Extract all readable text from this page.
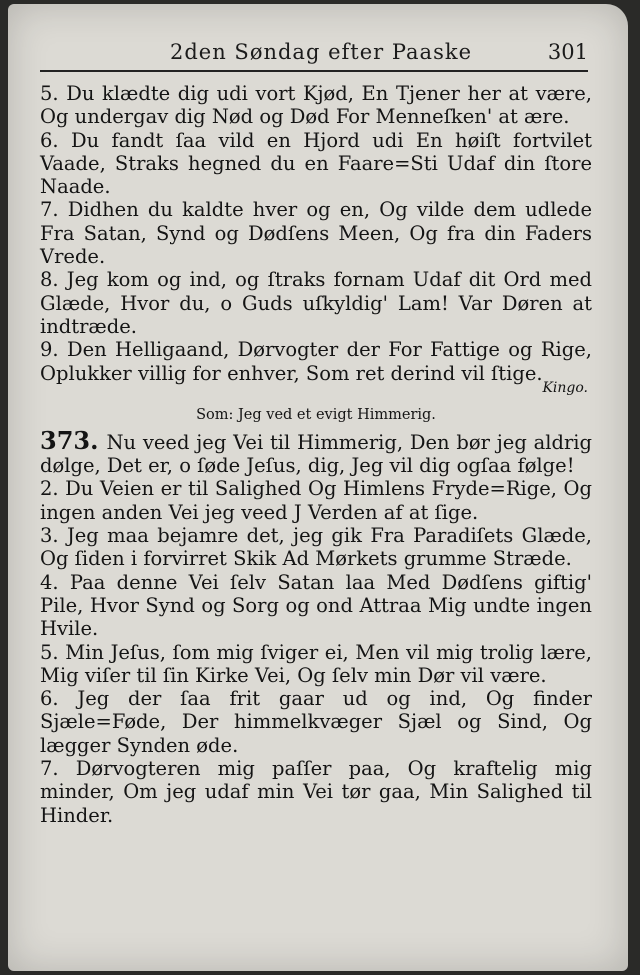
2den Søndag efter Paaske	301

5. Du klædte dig udi vort Kjød, En Tjener her at være, Og undergav dig Nød og Død For Menneſken' at ære.

6. Du fandt ſaa vild en Hjord udi En høiſt fortvilet Vaade, Straks hegned du en Faare=Sti Udaf din ſtore Naade.

7. Didhen du kaldte hver og en, Og vilde dem udlede Fra Satan, Synd og Dødſens Meen, Og fra din Faders Vrede.

8. Jeg kom og ind, og ſtraks fornam Udaf dit Ord med Glæde, Hvor du, o Guds uſkyldig' Lam! Var Døren at indtræde.

9. Den Helligaand, Dørvogter der For Fattige og Rige, Oplukker villig for enhver, Som ret derind vil ſtige.

Kingo.
Som: Jeg ved et evigt Himmerig.

373. Nu veed jeg Vei til Himmerig, Den bør jeg aldrig dølge, Det er, o ſøde Jeſus, dig, Jeg vil dig ogſaa følge!

2. Du Veien er til Salighed Og Himlens Fryde=Rige, Og ingen anden Vei jeg veed J Verden af at ſige.

3. Jeg maa bejamre det, jeg gik Fra Paradiſets Glæde, Og ſiden i forvirret Skik Ad Mørkets grumme Stræde.

4. Paa denne Vei ſelv Satan laa Med Dødſens giftig' Pile, Hvor Synd og Sorg og ond Attraa Mig undte ingen Hvile.

5. Min Jeſus, ſom mig ſviger ei, Men vil mig trolig lære, Mig viſer til ſin Kirke Vei, Og ſelv min Dør vil være.

6. Jeg der ſaa frit gaar ud og ind, Og finder Sjæle=Føde, Der himmelkvæger Sjæl og Sind, Og lægger Synden øde.

7. Dørvogteren mig paſſer paa, Og kraftelig mig minder, Om jeg udaf min Vei tør gaa, Min Salighed til Hinder.
